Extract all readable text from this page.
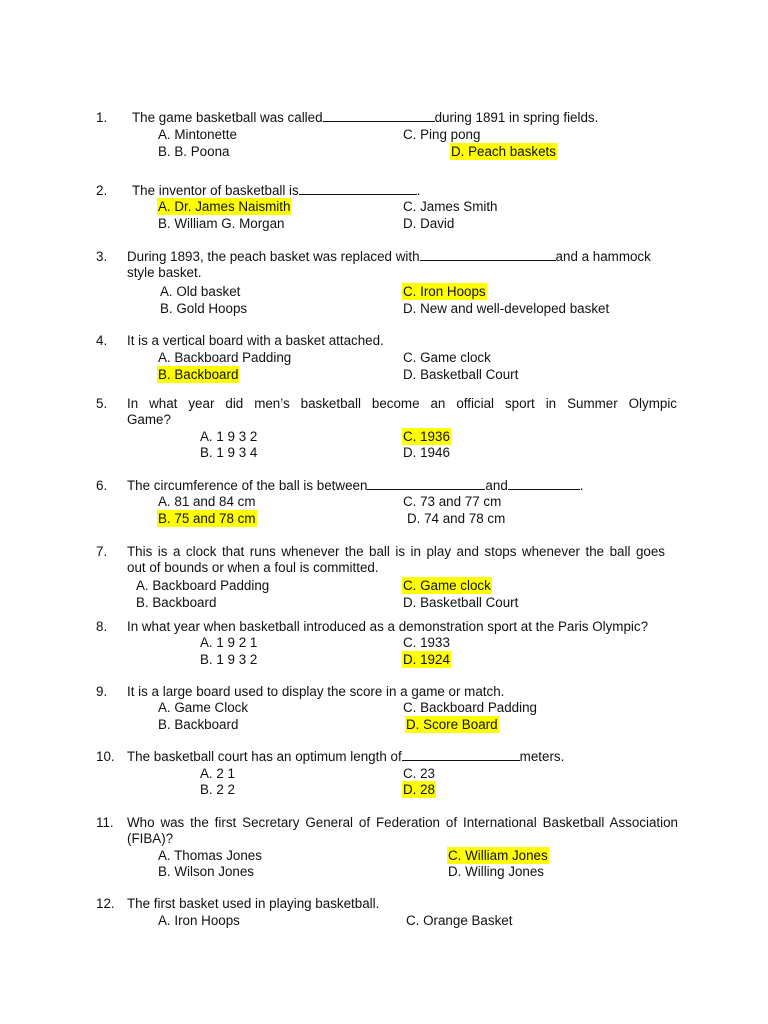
1. The game basketball was called	during 1891 in spring fields.
A. Mintonette
B. B. Poona
C. Ping pong
D. Peach baskets
2. The inventor of basketball is	.
A. Dr. James Naismith
B. William G. Morgan
C. James Smith
D. David
3. During 1893, the peach basket was replaced with	and a hammock
style basket.
A. Old basket
B. Gold Hoops
C. Iron Hoops
D. New and well-developed basket
4. It is a vertical board with a basket attached.
A. Backboard Padding
B. Backboard
C. Game clock
D. Basketball Court
5. In what year did men’s basketball become an official sport in Summer Olympic
Game?
A. 1 9 3 2
B. 1 9 3 4
C. 1936
D. 1946
6. The circumference of the ball is between	and	.
A. 81 and 84 cm
B. 75 and 78 cm
C. 73 and 77 cm
D. 74 and 78 cm
7. This is a clock that runs whenever the ball is in play and stops whenever the ball goes
out of bounds or when a foul is committed.
A. Backboard Padding
B. Backboard
C. Game clock
D. Basketball Court
8. In what year when basketball introduced as a demonstration sport at the Paris Olympic?
A. 1 9 2 1
B. 1 9 3 2
C. 1933
D. 1924
9. It is a large board used to display the score in a game or match.
A. Game Clock
B. Backboard
C. Backboard Padding
D. Score Board
10. The basketball court has an optimum length of	meters.
A. 2 1
B. 2 2
C. 23
D. 28
11. Who was the first Secretary General of Federation of International Basketball Association
(FIBA)?
A. Thomas Jones
B. Wilson Jones
C. William Jones
D. Willing Jones
12. The first basket used in playing basketball.
A. Iron Hoops	C. Orange Basket
